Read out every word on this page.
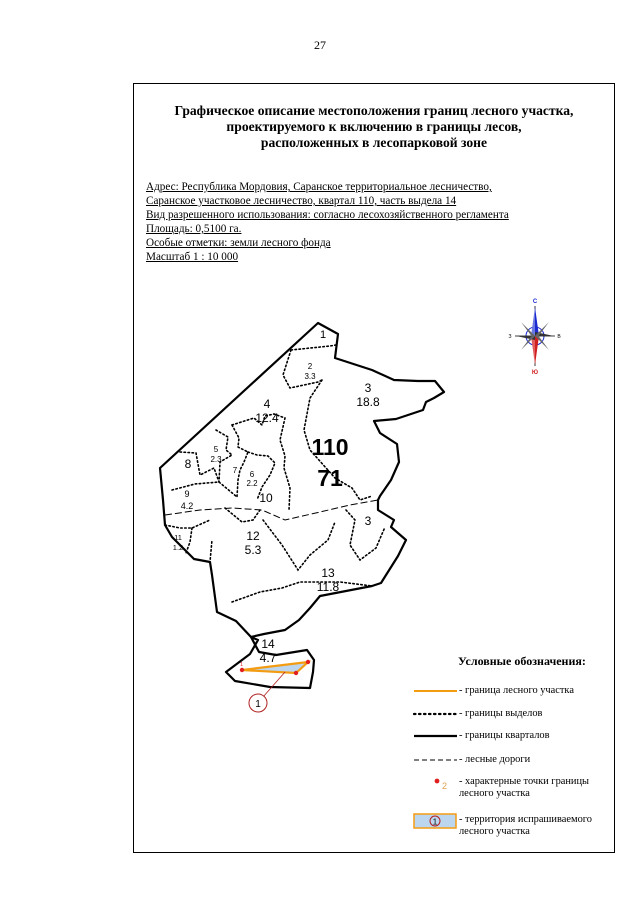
27
Графическое описание местоположения границ лесного участка,
проектируемого к включению в границы лесов,
расположенных в лесопарковой зоне
Адрес: Республика Мордовия, Саранское территориальное лесничество,
Саранское участковое лесничество, квартал 110, часть выдела 14
Вид разрешенного использования: согласно лесохозяйственного регламента
Площадь: 0,5100 га.
Особые отметки: земли лесного фонда
Масштаб 1 : 10 000
С
Ю
З	В
1
1
1
2
3.3
3
18.8
4
12.4
5
2.3
6
2.2
7
8
9
4.2
10
11
1.2
12
5.3
3
13
11.8
14
4.7
110
71
2
1
Условные обозначения:
- граница лесного участка
- границы выделов
- границы кварталов
- лесные дороги
- характерные точки границы
лесного участка
- территория испрашиваемого
лесного участка
